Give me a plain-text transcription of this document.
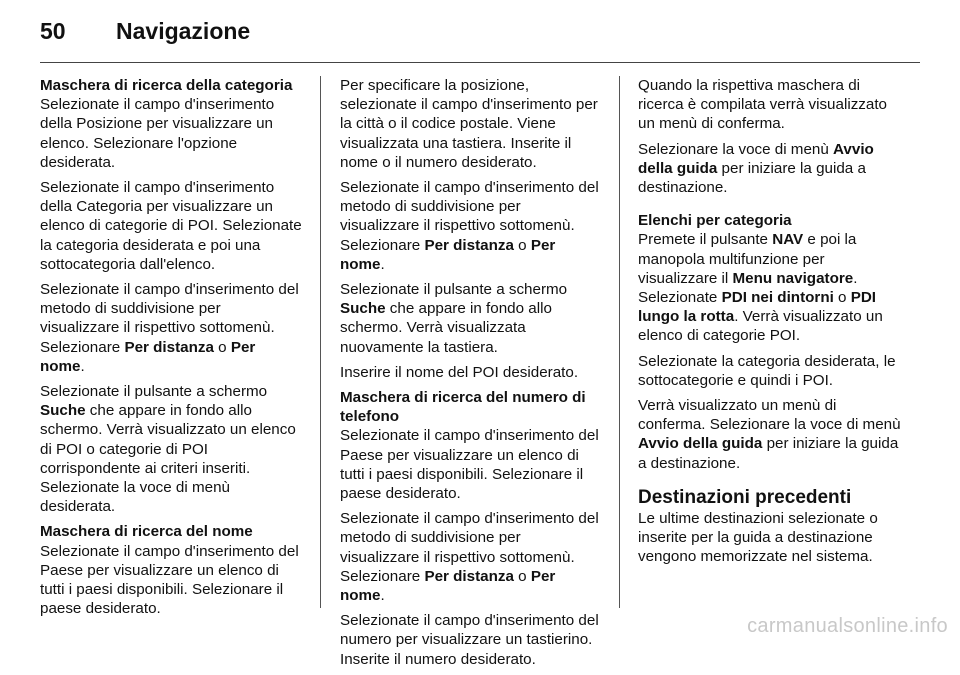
50 Navigazione

Maschera di ricerca della categoria

Selezionate il campo d'inserimento della Posizione per visualizzare un elenco. Selezionare l'opzione desiderata.

Selezionate il campo d'inserimento della Categoria per visualizzare un elenco di categorie di POI. Selezionate la categoria desiderata e poi una sottocategoria dall'elenco.

Selezionate il campo d'inserimento del metodo di suddivisione per visualizzare il rispettivo sottomenù. Selezionare Per distanza o Per nome.

Selezionate il pulsante a schermo Suche che appare in fondo allo schermo. Verrà visualizzato un elenco di POI o categorie di POI corrispondente ai criteri inseriti. Selezionate la voce di menù desiderata.

Maschera di ricerca del nome

Selezionate il campo d'inserimento del Paese per visualizzare un elenco di tutti i paesi disponibili. Selezionare il paese desiderato.

Per specificare la posizione, selezionate il campo d'inserimento per la città o il codice postale. Viene visualizzata una tastiera. Inserite il nome o il numero desiderato.

Selezionate il campo d'inserimento del metodo di suddivisione per visualizzare il rispettivo sottomenù. Selezionare Per distanza o Per nome.

Selezionate il pulsante a schermo Suche che appare in fondo allo schermo. Verrà visualizzata nuovamente la tastiera.

Inserire il nome del POI desiderato.

Maschera di ricerca del numero di telefono

Selezionate il campo d'inserimento del Paese per visualizzare un elenco di tutti i paesi disponibili. Selezionare il paese desiderato.

Selezionate il campo d'inserimento del metodo di suddivisione per visualizzare il rispettivo sottomenù. Selezionare Per distanza o Per nome.

Selezionate il campo d'inserimento del numero per visualizzare un tastierino. Inserite il numero desiderato.

Quando la rispettiva maschera di ricerca è compilata verrà visualizzato un menù di conferma.

Selezionare la voce di menù Avvio della guida per iniziare la guida a destinazione.

Elenchi per categoria

Premete il pulsante NAV e poi la manopola multifunzione per visualizzare il Menu navigatore. Selezionate PDI nei dintorni o PDI lungo la rotta. Verrà visualizzato un elenco di categorie POI.

Selezionate la categoria desiderata, le sottocategorie e quindi i POI.

Verrà visualizzato un menù di conferma. Selezionare la voce di menù Avvio della guida per iniziare la guida a destinazione.

Destinazioni precedenti

Le ultime destinazioni selezionate o inserite per la guida a destinazione vengono memorizzate nel sistema.

carmanualsonline.info
